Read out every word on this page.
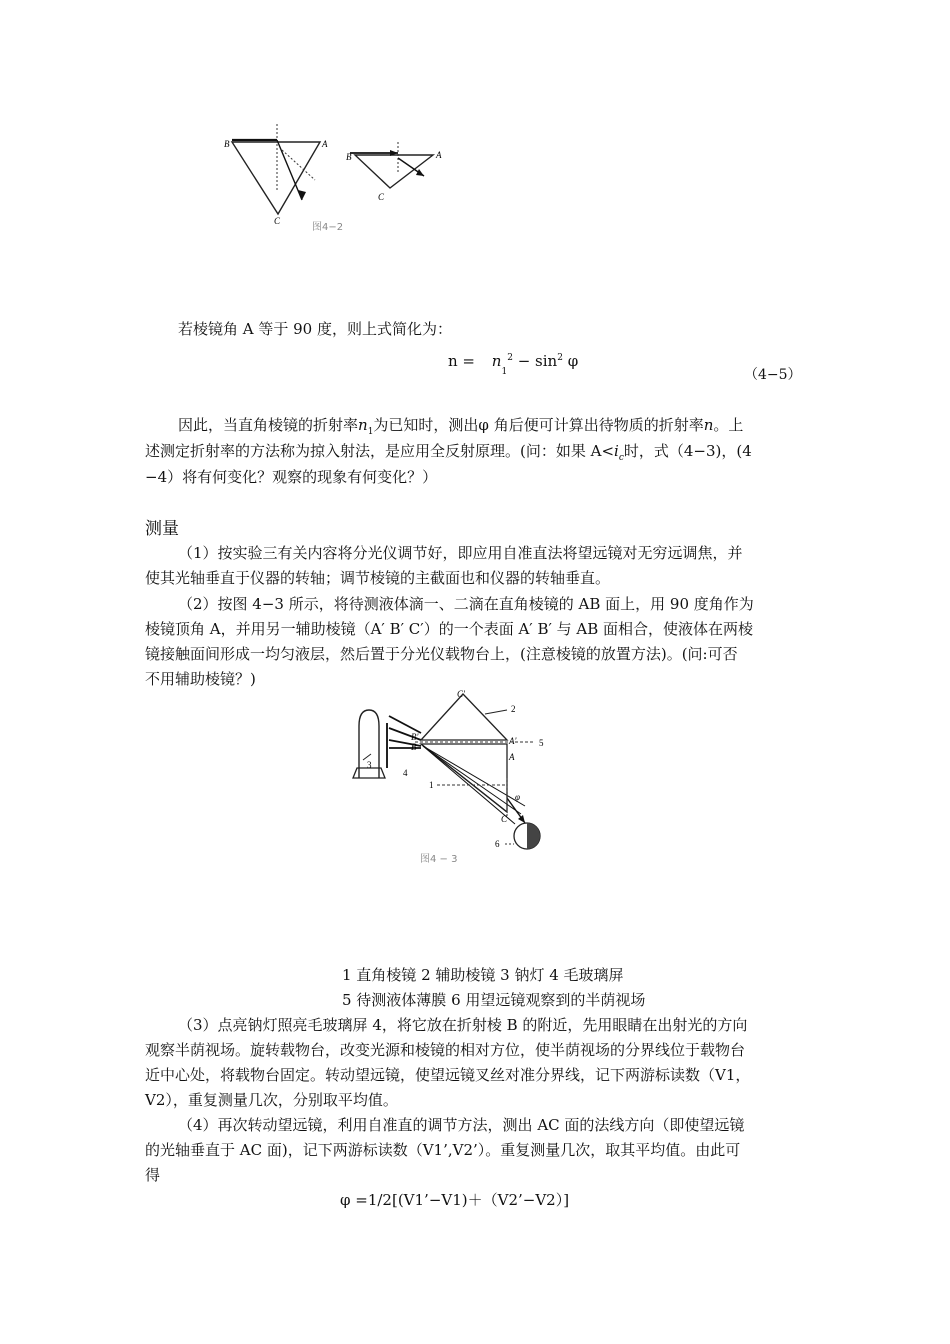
B	A
C
B	A
C
图4−2
若棱镜角 A 等于 90 度，则上式简化为：
$n = n_1^2 - \sin^2 \varphi$
（4−5）
因此，当直角棱镜的折射率$n_1$为已知时，测出φ 角后便可计算出待物质的折射率n。上
述测定折射率的方法称为掠入射法，是应用全反射原理。(问：如果 $A<i_c$时，式（4−3)，(4
−4）将有何变化？观察的现象有何变化？）
测量
（1）按实验三有关内容将分光仪调节好，即应用自准直法将望远镜对无穷远调焦，并
使其光轴垂直于仪器的转轴；调节棱镜的主截面也和仪器的转轴垂直。
（2）按图 4−3 所示，将待测液体滴一、二滴在直角棱镜的 AB 面上，用 90 度角作为
棱镜顶角 A，并用另一辅助棱镜（A′ B′ C′）的一个表面 A′ B′ 与 AB 面相合，使液体在两棱
镜接触面间形成一均匀液层，然后置于分光仪载物台上，(注意棱镜的放置方法)。(问:可否
不用辅助棱镜？)
C'
A'
B'
B
A
C
2
5
3
4
1
6
φ
图4 − 3
1 直角棱镜 2 辅助棱镜 3 钠灯 4 毛玻璃屏
5 待测液体薄膜 6 用望远镜观察到的半荫视场
（3）点亮钠灯照亮毛玻璃屏 4，将它放在折射棱 B 的附近，先用眼睛在出射光的方向
观察半荫视场。旋转载物台，改变光源和棱镜的相对方位，使半荫视场的分界线位于载物台
近中心处，将载物台固定。转动望远镜，使望远镜叉丝对准分界线，记下两游标读数（V1，
V2），重复测量几次，分别取平均值。
（4）再次转动望远镜，利用自准直的调节方法，测出 AC 面的法线方向（即使望远镜
的光轴垂直于 AC 面)，记下两游标读数（V1’,V2’）。重复测量几次，取其平均值。由此可
得
φ =1/2[(V1’−V1)＋（V2’−V2）]
